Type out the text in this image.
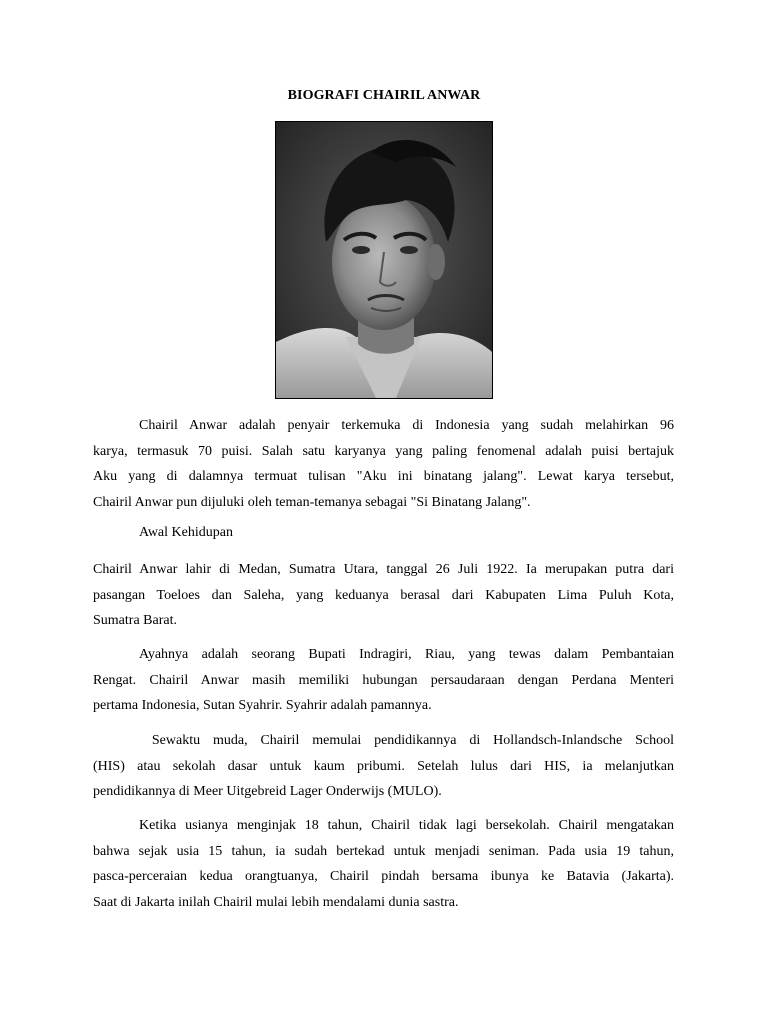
BIOGRAFI CHAIRIL ANWAR
Chairil Anwar adalah penyair terkemuka di Indonesia yang sudah melahirkan 96
karya, termasuk 70 puisi. Salah satu karyanya yang paling fenomenal adalah puisi bertajuk
Aku yang di dalamnya termuat tulisan "Aku ini binatang jalang". Lewat karya tersebut,
Chairil Anwar pun dijuluki oleh teman-temanya sebagai "Si Binatang Jalang".
Awal Kehidupan
Chairil Anwar lahir di Medan, Sumatra Utara, tanggal 26 Juli 1922. Ia merupakan putra dari
pasangan Toeloes dan Saleha, yang keduanya berasal dari Kabupaten Lima Puluh Kota,
Sumatra Barat.
Ayahnya adalah seorang Bupati Indragiri, Riau, yang tewas dalam Pembantaian
Rengat. Chairil Anwar masih memiliki hubungan persaudaraan dengan Perdana Menteri
pertama Indonesia, Sutan Syahrir. Syahrir adalah pamannya.
Sewaktu muda, Chairil memulai pendidikannya di Hollandsch-Inlandsche School
(HIS) atau sekolah dasar untuk kaum pribumi. Setelah lulus dari HIS, ia melanjutkan
pendidikannya di Meer Uitgebreid Lager Onderwijs (MULO).
Ketika usianya menginjak 18 tahun, Chairil tidak lagi bersekolah. Chairil mengatakan
bahwa sejak usia 15 tahun, ia sudah bertekad untuk menjadi seniman. Pada usia 19 tahun,
pasca-perceraian kedua orangtuanya, Chairil pindah bersama ibunya ke Batavia (Jakarta).
Saat di Jakarta inilah Chairil mulai lebih mendalami dunia sastra.
